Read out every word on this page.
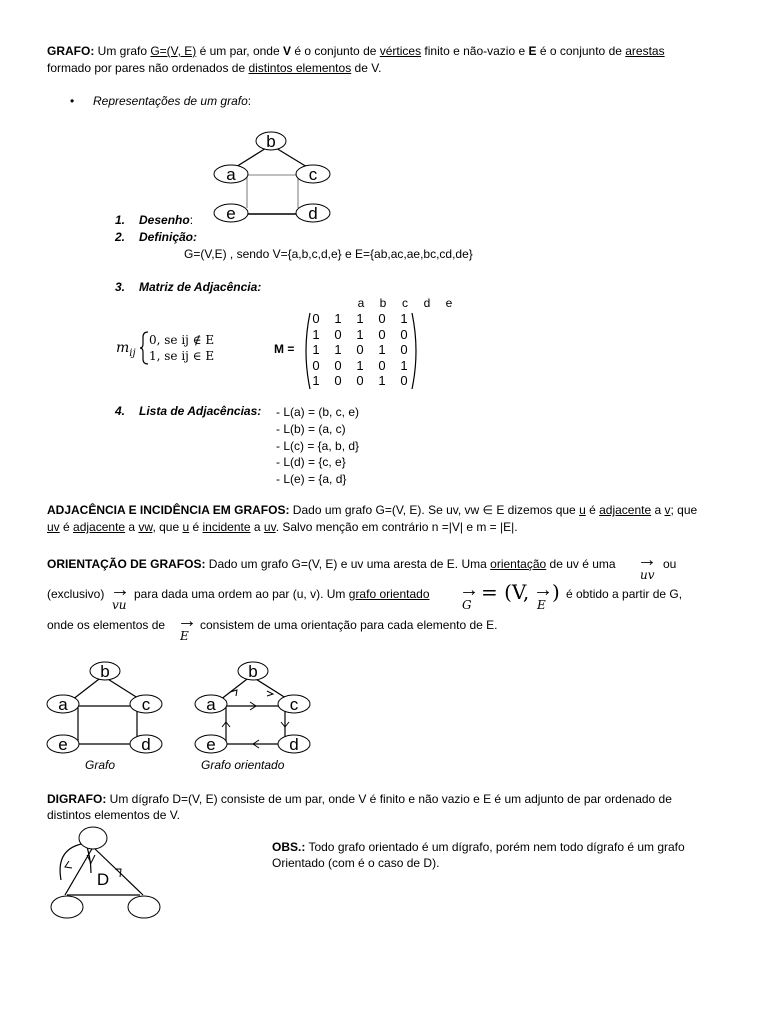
GRAFO: Um grafo G=(V, E) é um par, onde V é o conjunto de vértices finito e não-vazio e E é o conjunto de arestas
formado por pares não ordenados de distintos elementos de V.
• Representações de um grafo:
b
a	c
e	d
1. Desenho:
2. Definição:
G=(V,E) , sendo V={a,b,c,d,e} e E={ab,ac,ae,bc,cd,de}
3. Matriz de Adjacência:
a b c d e
$m_{ij}$
0, se ij ∉ E
1, se ij ∈ E	M =
0 1 1 0 1
1 0 1 0 0
1 1 0 1 0
0 0 1 0 1
1 0 0 1 0
4. Lista de Adjacências: - L(a) = (b, c, e)
- L(b) = (a, c)
- L(c) = {a, b, d}
- L(d) = {c, e}
- L(e) = {a, d}
ADJACÊNCIA E INCIDÊNCIA EM GRAFOS: Dado um grafo G=(V, E). Se uv, vw ∈ E dizemos que u é adjacente a v; que
uv é adjacente a vw, que u é incidente a uv. Salvo menção em contrário n =|V| e m = |E|.
ORIENTAÇÃO DE GRAFOS: Dado um grafo G=(V, E) e uv uma aresta de E. Uma orientação de uv é uma →
uv
ou
(exclusivo) →
vu
para dada uma ordem ao par (u, v). Um grafo orientado →
G
= (V, →
E
) é obtido a partir de G,
onde os elementos de →
E
consistem de uma orientação para cada elemento de E.
b
a	c
e	d
Grafo
b
a	c
e	d
Grafo orientado
DIGRAFO: Um dígrafo D=(V, E) consiste de um par, onde V é finito e não vazio e E é um adjunto de par ordenado de
distintos elementos de V.
D
OBS.: Todo grafo orientado é um dígrafo, porém nem todo dígrafo é um grafo
Orientado (com é o caso de D).
